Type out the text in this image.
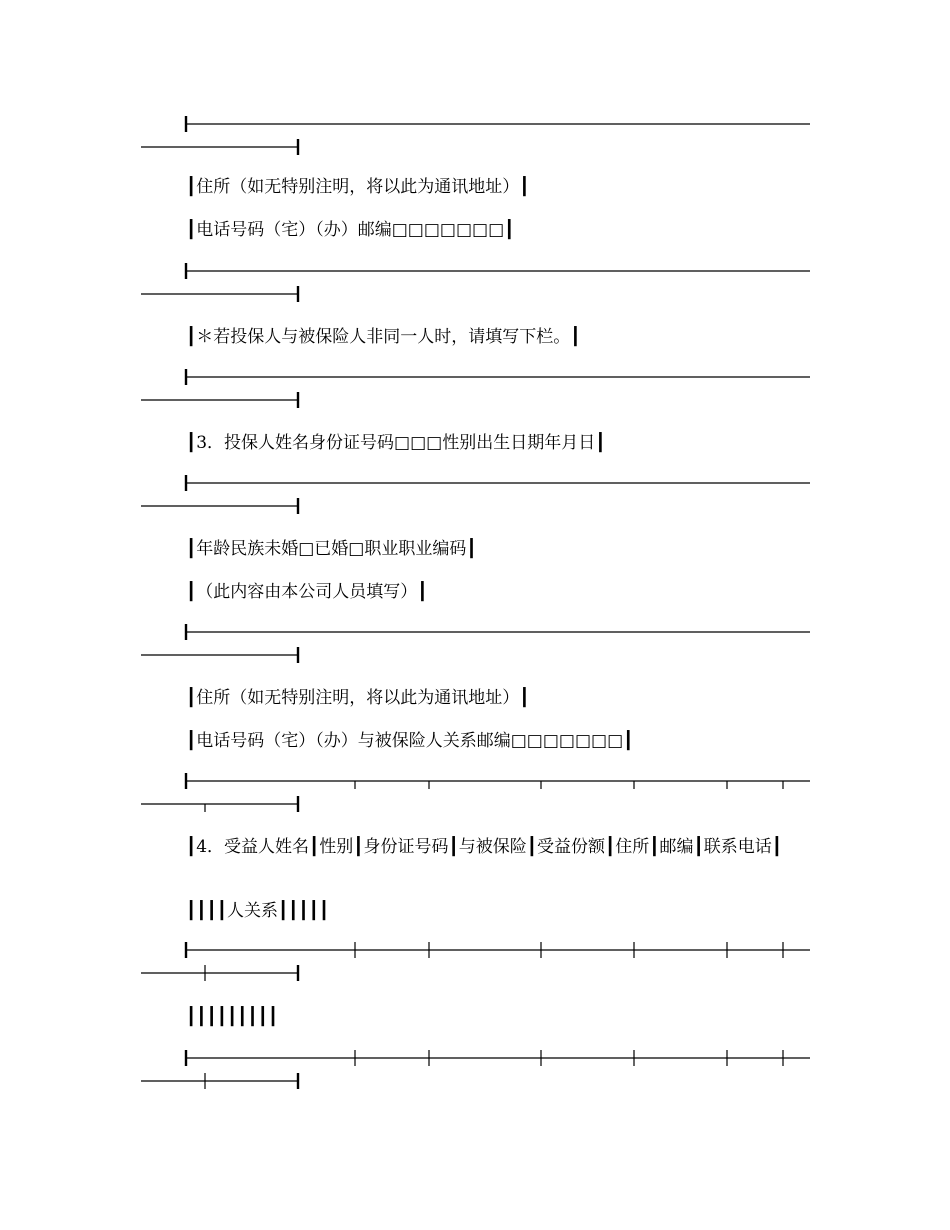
┃住所（如无特别注明，将以此为通讯地址）┃

┃电话号码（宅）（办）邮编□□□□□□□┃

┃＊若投保人与被保险人非同一人时，请填写下栏。┃

┃3．投保人姓名身份证号码□□□性别出生日期年月日┃

┃年龄民族未婚□已婚□职业职业编码┃

┃（此内容由本公司人员填写）┃

┃住所（如无特别注明，将以此为通讯地址）┃

┃电话号码（宅）（办）与被保险人关系邮编□□□□□□□┃

┃4．受益人姓名┃性别┃身份证号码┃与被保险┃受益份额┃住所┃邮编┃联系电话┃

┃┃┃┃人关系┃┃┃┃┃

┃┃┃┃┃┃┃┃┃
